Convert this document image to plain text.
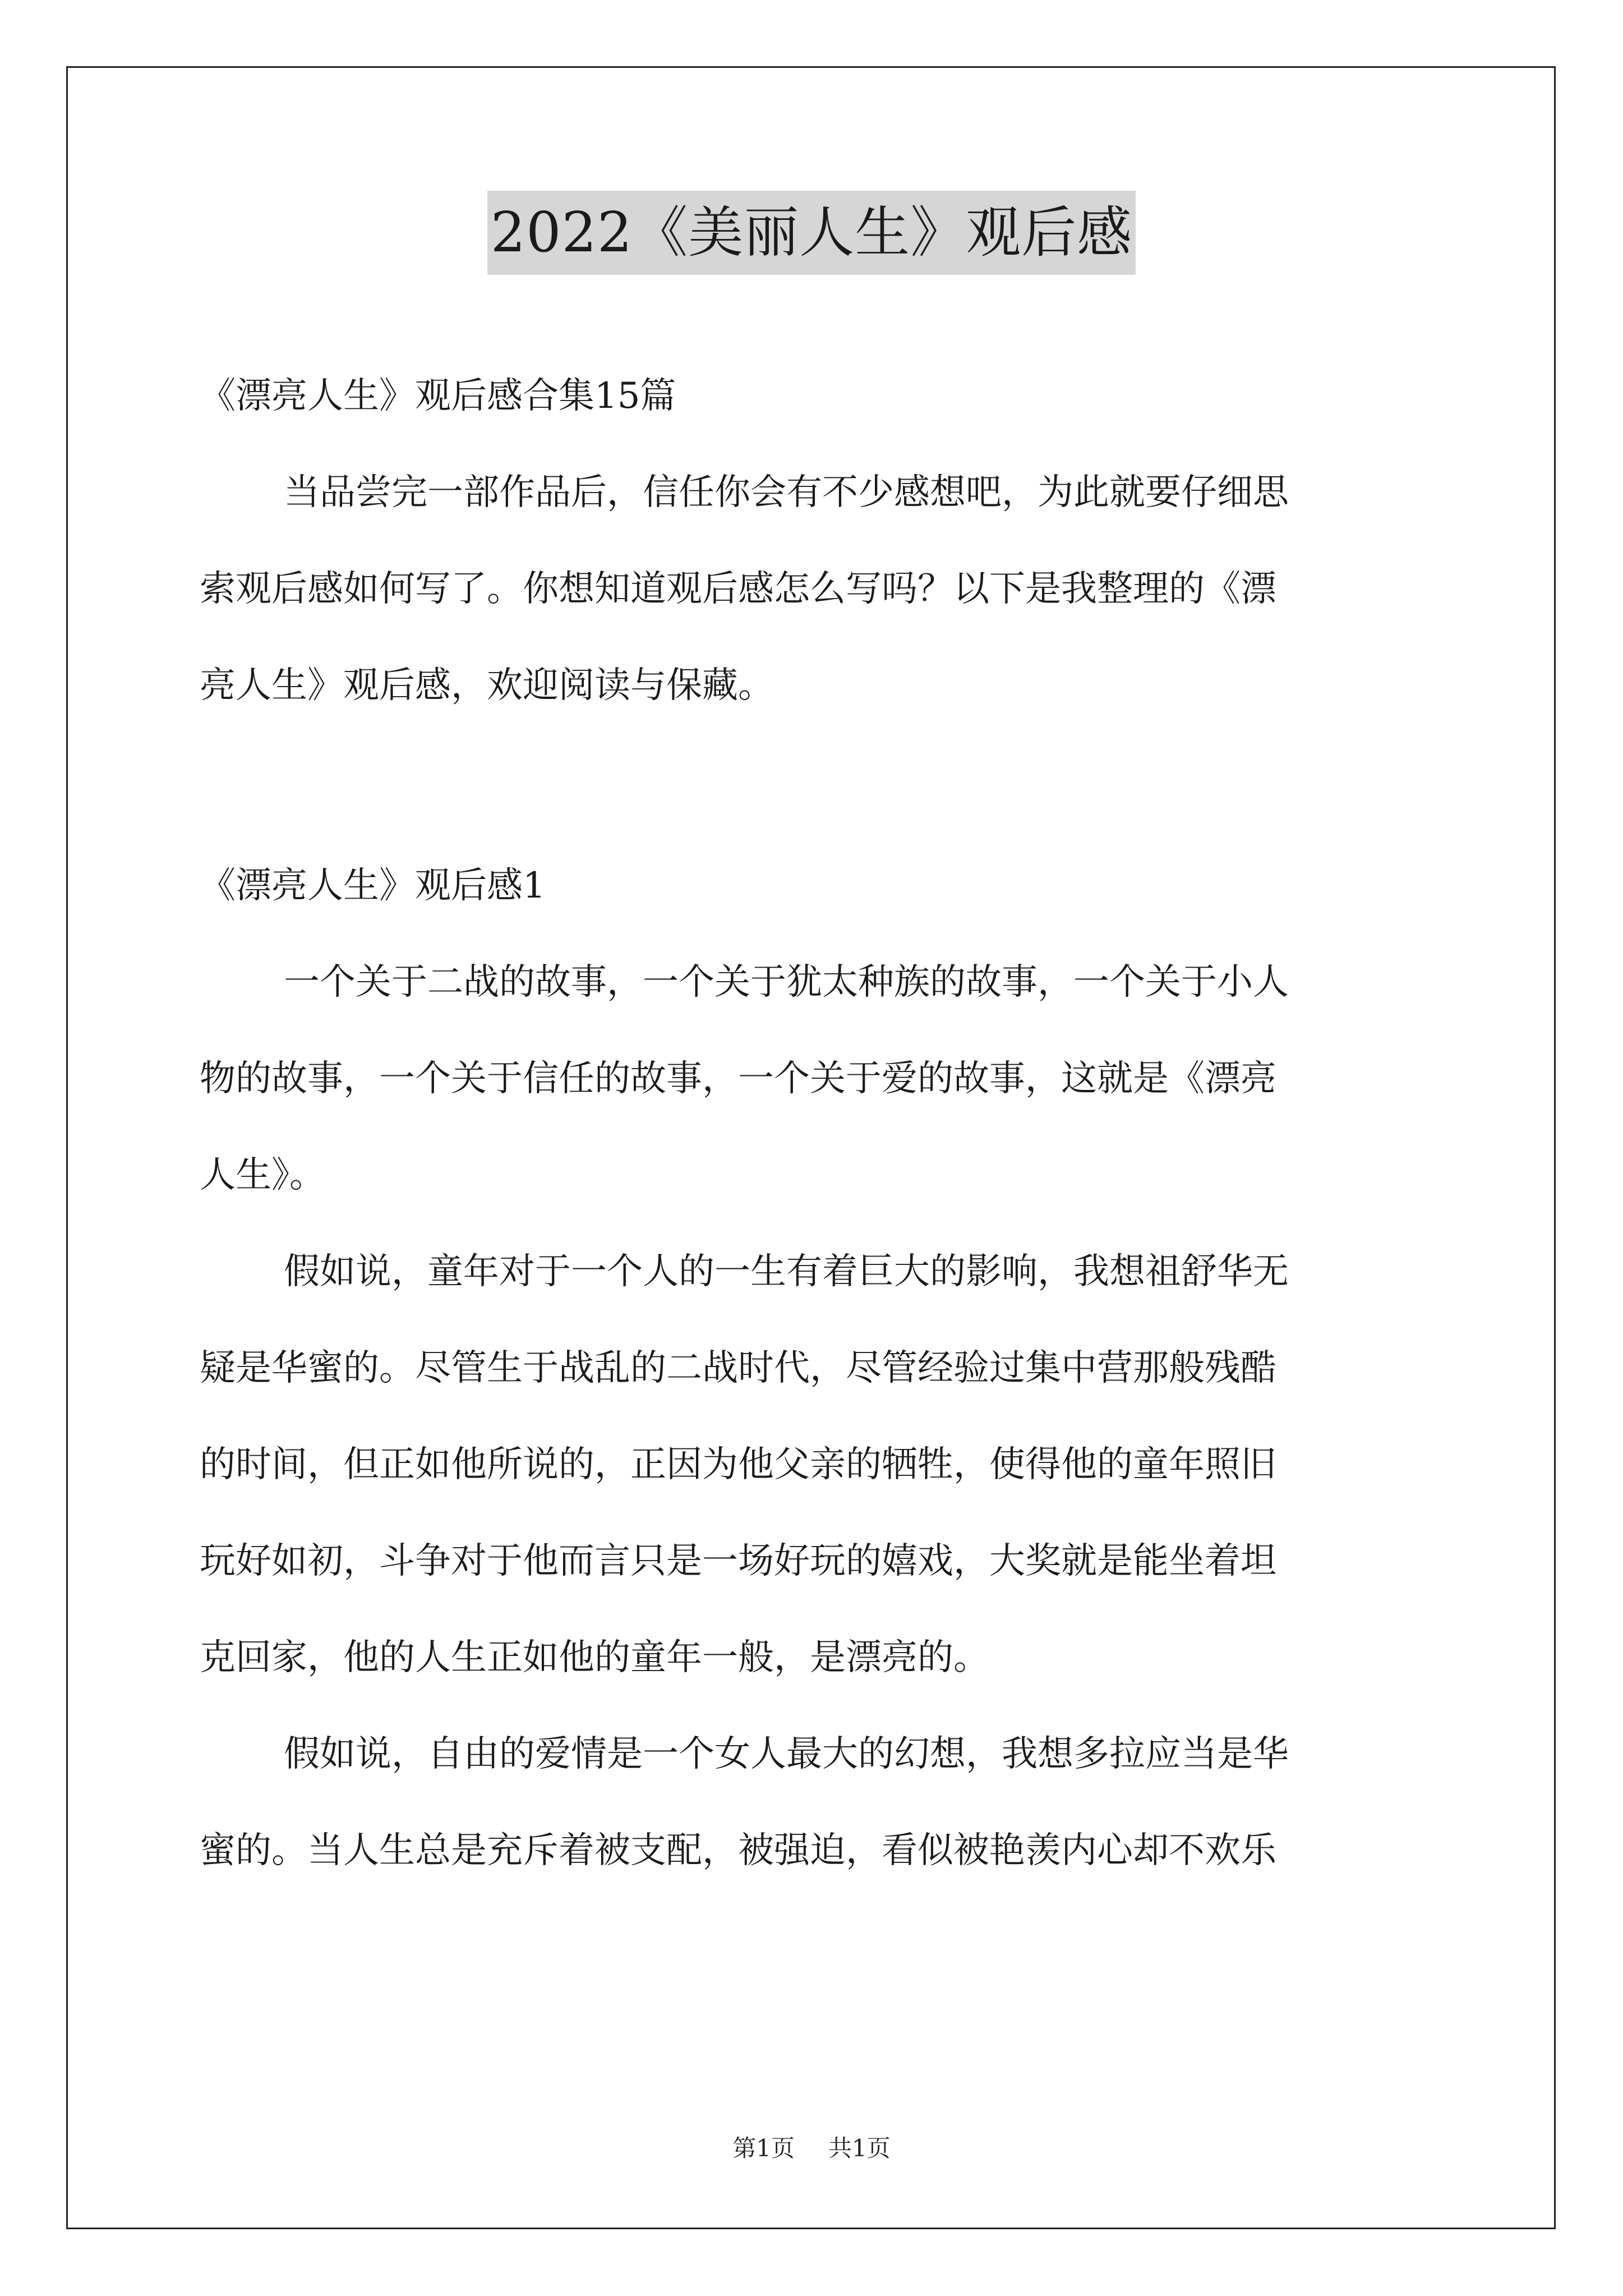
2022《美丽人生》观后感
《漂亮人生》观后感合集15篇
当品尝完一部作品后，信任你会有不少感想吧，为此就要仔细思
索观后感如何写了。你想知道观后感怎么写吗？以下是我整理的《漂
亮人生》观后感，欢迎阅读与保藏。
《漂亮人生》观后感1
一个关于二战的故事，一个关于犹太种族的故事，一个关于小人
物的故事，一个关于信任的故事，一个关于爱的故事，这就是《漂亮
人生》。
假如说，童年对于一个人的一生有着巨大的影响，我想祖舒华无
疑是华蜜的。尽管生于战乱的二战时代，尽管经验过集中营那般残酷
的时间，但正如他所说的，正因为他父亲的牺牲，使得他的童年照旧
玩好如初，斗争对于他而言只是一场好玩的嬉戏，大奖就是能坐着坦
克回家，他的人生正如他的童年一般，是漂亮的。
假如说，自由的爱情是一个女人最大的幻想，我想多拉应当是华
蜜的。当人生总是充斥着被支配，被强迫，看似被艳羡内心却不欢乐
第1页 共1页
